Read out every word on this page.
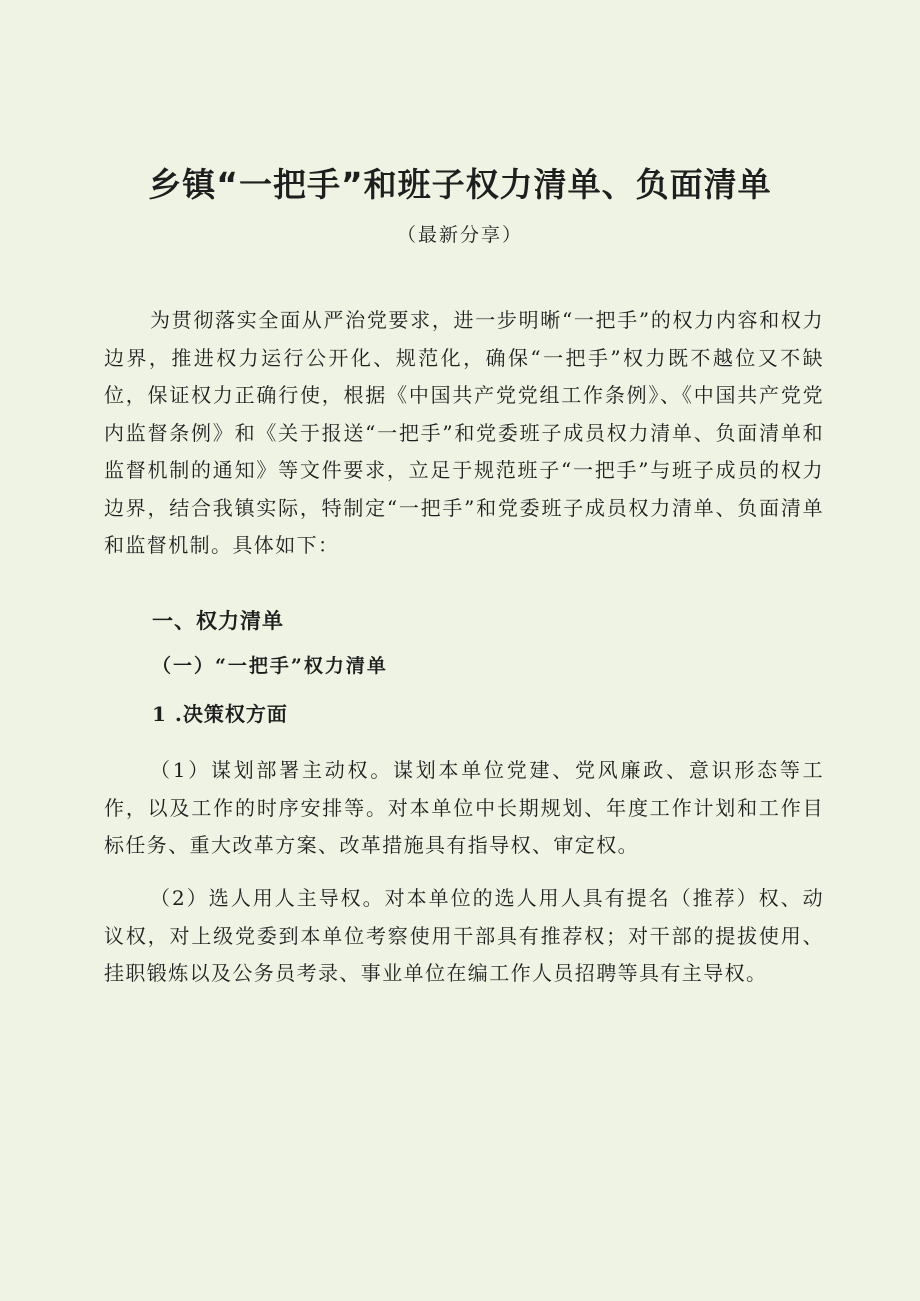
乡镇“一把手”和班子权力清单、负面清单

（最新分享）

为贯彻落实全面从严治党要求，进一步明晰“一把手”的权力内容和权力边界，推进权力运行公开化、规范化，确保“一把手”权力既不越位又不缺位，保证权力正确行使，根据《中国共产党党组工作条例》、《中国共产党党内监督条例》和《关于报送“一把手”和党委班子成员权力清单、负面清单和监督机制的通知》等文件要求，立足于规范班子“一把手”与班子成员的权力边界，结合我镇实际，特制定“一把手”和党委班子成员权力清单、负面清单和监督机制。具体如下：

一、权力清单
（一）“一把手”权力清单
1 .决策权方面

（1）谋划部署主动权。谋划本单位党建、党风廉政、意识形态等工作，以及工作的时序安排等。对本单位中长期规划、年度工作计划和工作目标任务、重大改革方案、改革措施具有指导权、审定权。

（2）选人用人主导权。对本单位的选人用人具有提名（推荐）权、动议权，对上级党委到本单位考察使用干部具有推荐权；对干部的提拔使用、挂职锻炼以及公务员考录、事业单位在编工作人员招聘等具有主导权。
